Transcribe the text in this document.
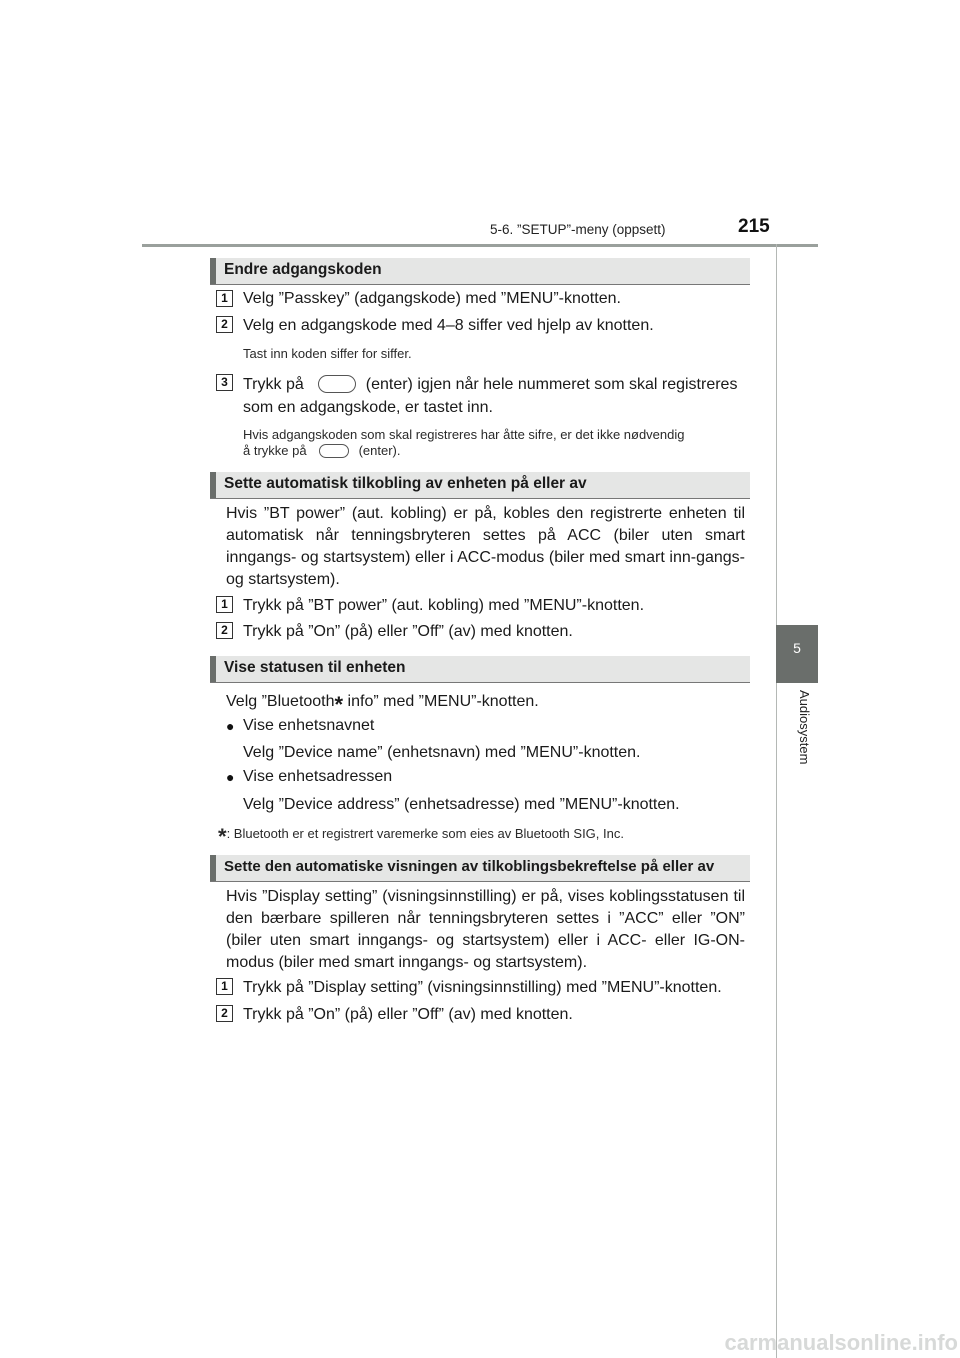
5-6. ”SETUP”-meny (oppsett)	215
5
Audiosystem
Endre adgangskoden
1 Velg ”Passkey” (adgangskode) med ”MENU”-knotten.
2 Velg en adgangskode med 4–8 siffer ved hjelp av knotten.
Tast inn koden siffer for siffer.
3 Trykk på	(enter) igjen når hele nummeret som skal registreres
som en adgangskode, er tastet inn.
Hvis adgangskoden som skal registreres har åtte sifre, er det ikke nødvendig
å trykke på	(enter).
Sette automatisk tilkobling av enheten på eller av
Hvis ”BT power” (aut. kobling) er på, kobles den registrerte enheten til automatisk når tenningsbryteren settes på ACC (biler uten smart inngangs- og startsystem) eller i ACC-modus (biler med smart inn-gangs- og startsystem).
1 Trykk på ”BT power” (aut. kobling) med ”MENU”-knotten.
2 Trykk på ”On” (på) eller ”Off” (av) med knotten.
Vise statusen til enheten
Velg ”Bluetooth* info” med ”MENU”-knotten.
● Vise enhetsnavnet
Velg ”Device name” (enhetsnavn) med ”MENU”-knotten.
● Vise enhetsadressen
Velg ”Device address” (enhetsadresse) med ”MENU”-knotten.
*: Bluetooth er et registrert varemerke som eies av Bluetooth SIG, Inc.
Sette den automatiske visningen av tilkoblingsbekreftelse på eller av
Hvis ”Display setting” (visningsinnstilling) er på, vises koblingsstatusen til den bærbare spilleren når tenningsbryteren settes i ”ACC” eller ”ON” (biler uten smart inngangs- og startsystem) eller i ACC- eller IG-ON-modus (biler med smart inngangs- og startsystem).
1 Trykk på ”Display setting” (visningsinnstilling) med ”MENU”-knotten.
2 Trykk på ”On” (på) eller ”Off” (av) med knotten.
carmanualsonline.info
